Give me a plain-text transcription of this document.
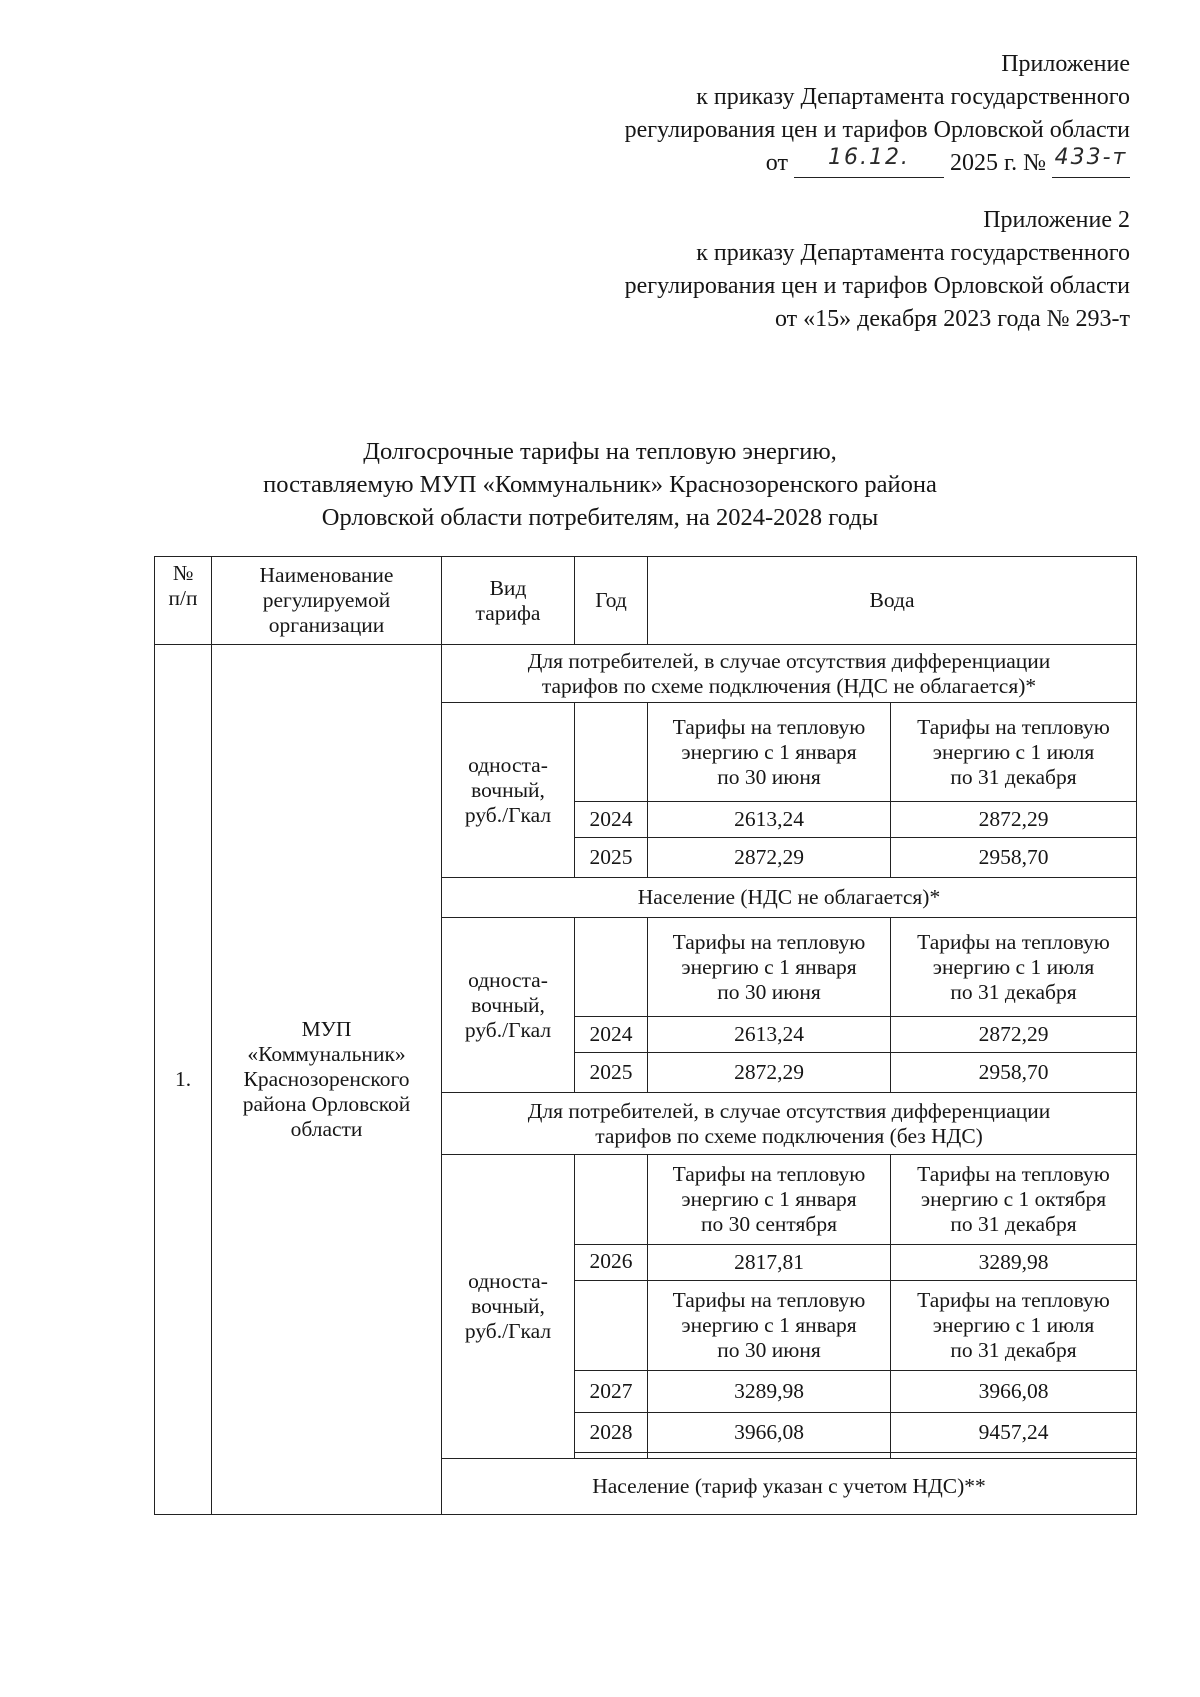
Приложение
к приказу Департамента государственного
регулирования цен и тарифов Орловской области
от 16.12. 2025 г. № 433-т
Приложение 2
к приказу Департамента государственного
регулирования цен и тарифов Орловской области
от «15» декабря 2023 года № 293-т
Долгосрочные тарифы на тепловую энергию,
поставляемую МУП «Коммунальник» Краснозоренского района
Орловской области потребителям, на 2024-2028 годы
№
п/п	Наименование
регулируемой
организации	Вид
тарифа	Год	Вода	
1.	МУП
«Коммунальник»
Краснозоренского
района Орловской
области	Для потребителей, в случае отсутствия дифференциации
тарифов по схеме подключения (НДС не облагается)*			
		односта-
вочный,
руб./Гкал		Тарифы на тепловую
энергию с 1 января
по 30 июня	Тарифы на тепловую
энергию с 1 июля
по 31 декабря
			2024	2613,24	2872,29
			2025	2872,29	2958,70
		Население (НДС не облагается)*			
		односта-
вочный,
руб./Гкал		Тарифы на тепловую
энергию с 1 января
по 30 июня	Тарифы на тепловую
энергию с 1 июля
по 31 декабря
			2024	2613,24	2872,29
			2025	2872,29	2958,70
		Для потребителей, в случае отсутствия дифференциации
тарифов по схеме подключения (без НДС)			
		односта-
вочный,
руб./Гкал		Тарифы на тепловую
энергию с 1 января
по 30 сентября	Тарифы на тепловую
энергию с 1 октября
по 31 декабря
			2026	2817,81	3289,98
				Тарифы на тепловую
энергию с 1 января
по 30 июня	Тарифы на тепловую
энергию с 1 июля
по 31 декабря
			2027	3289,98	3966,08
			2028	3966,08	9457,24

		Население (тариф указан с учетом НДС)**			
